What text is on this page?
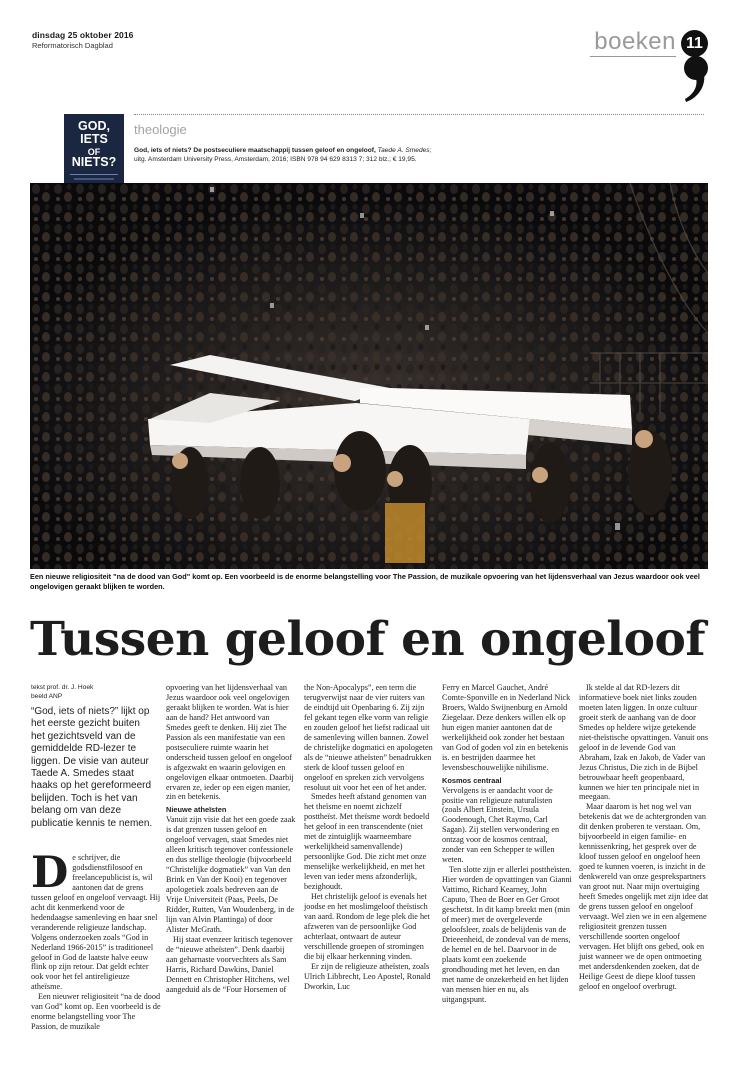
dinsdag 25 oktober 2016
Reformatorisch Dagblad	boeken 11
GOD,
IETS
OF
NIETS?
theologie
God, iets of niets? De postseculiere maatschappij tussen geloof en ongeloof, Taede A. Smedes;
uitg. Amsterdam University Press, Amsterdam, 2016; ISBN 978 94 629 8313 7; 312 blz.; € 19,95.
Een nieuwe religiositeit "na de dood van God" komt op. Een voorbeeld is de enorme belangstelling voor The Passion, de muzikale opvoering van het lijdensverhaal van Jezus waardoor ook veel ongelovigen geraakt blijken te worden.
Tussen geloof en ongeloof
tekst prof. dr. J. Hoek
beeld ANP
“God, iets of niets?” lijkt op het eerste gezicht buiten het gezichtsveld van de gemiddelde RD-lezer te liggen. De visie van auteur Taede A. Smedes staat haaks op het gereformeerd belijden. Toch is het van belang om van deze publicatie kennis te nemen.

De schrijver, die godsdienstfilosoof en freelancepublicist is, wil aantonen dat de grens tussen geloof en ongeloof vervaagt. Hij acht dit kenmerkend voor de hedendaagse samenleving en haar snel veranderende religieuze landschap. Volgens onderzoeken zoals “God in Nederland 1966-2015” is traditioneel geloof in God de laatste halve eeuw flink op zijn retour. Dat geldt echter ook voor het fel antireligieuze atheïsme.

Een nieuwer religiositeit “na de dood van God” komt op. Een voorbeeld is de enorme belangstelling voor The Passion, de muzikale

opvoering van het lijdensverhaal van Jezus waardoor ook veel ongelovigen geraakt blijken te worden. Wat is hier aan de hand? Het antwoord van Smedes geeft te denken. Hij ziet The Passion als een manifestatie van een postseculiere ruimte waarin het onderscheid tussen geloof en ongeloof is afgezwakt en waarin gelovigen en ongelovigen elkaar ontmoeten. Daarbij ervaren ze, ieder op een eigen manier, zin en betekenis.

Nieuwe atheïsten

Vanuit zijn visie dat het een goede zaak is dat grenzen tussen geloof en ongeloof vervagen, staat Smedes niet alleen kritisch tegenover confessionele en dus stellige theologie (bijvoorbeeld “Christelijke dogmatiek” van Van den Brink en Van der Kooi) en tegenover apologetiek zoals bedreven aan de Vrije Universiteit (Paas, Peels, De Ridder, Rutten, Van Woudenberg, in de lijn van Alvin Plantinga) of door Alister McGrath.

Hij staat evenzeer kritisch tegenover de “nieuwe atheïsten”. Denk daarbij aan geharnaste voorvechters als Sam Harris, Richard Dawkins, Daniel Dennett en Christopher Hitchens, wel aangeduid als de “Four Horsemen of

the Non-Apocalyps”, een term die terugverwijst naar de vier ruiters van de eindtijd uit Openbaring 6. Zij zijn fel gekant tegen elke vorm van religie en zouden geloof het liefst radicaal uit de samenleving willen bannen. Zowel de christelijke dogmatici en apologeten als de “nieuwe atheïsten” benadrukken sterk de kloof tussen geloof en ongeloof en spreken zich vervolgens resoluut uit voor het een of het ander.

Smedes heeft afstand genomen van het theïsme en noemt zichzelf posttheïst. Met theïsme wordt bedoeld het geloof in een transcendente (niet met de zintuiglijk waarneembare werkelijkheid samenvallende) persoonlijke God. Die zicht met onze menselijke werkelijkheid, en met het leven van ieder mens afzonderlijk, bezighoudt.

Het christelijk geloof is evenals het joodse en het moslimgeloof theïstisch van aard. Rondom de lege plek die het afzweren van de persoonlijke God achterlaat, ontwaart de auteur verschillende groepen of stromingen die bij elkaar herkenning vinden.

Er zijn de religieuze atheïsten, zoals Ulrich Libbrecht, Leo Apostel, Ronald Dworkin, Luc

Ferry en Marcel Gauchet, André Comte-Sponville en in Nederland Nick Broers, Waldo Swijnenburg en Arnold Ziegelaar. Deze denkers willen elk op hun eigen manier aantonen dat de werkelijkheid ook zonder het bestaan van God of goden vol zin en betekenis is. en bestrijden daarmee het levensbeschouwelijke nihilisme.

Kosmos centraal

Vervolgens is er aandacht voor de positie van religieuze naturalisten (zoals Albert Einstein, Ursula Goodenough, Chet Raymo, Carl Sagan). Zij stellen verwondering en ontzag voor de kosmos centraal, zonder van een Schepper te willen weten.

Ten slotte zijn er allerlei posttheïsten. Hier worden de opvattingen van Gianni Vattimo, Richard Kearney, John Caputo, Theo de Boer en Ger Groot geschetst. In dit kamp breekt men (min of meer) met de overgeleverde geloofsleer, zoals de belijdenis van de Drieeenheid, de zondeval van de mens, de hemel en de hel. Daarvoor in de plaats komt een zoekende grondhouding met het leven, en dan met name de onzekerheid en het lijden van mensen hier en nu, als uitgangspunt.

Ik stelde al dat RD-lezers dit informatieve boek niet links zouden moeten laten liggen. In onze cultuur groeit sterk de aanhang van de door Smedes op heldere wijze getekende niet-theïstische opvattingen. Vanuit ons geloof in de levende God van Abraham, Izak en Jakob, de Vader van Jezus Christus, Die zich in de Bijbel betrouwbaar heeft geopenbaard, kunnen we hier ten principale niet in meegaan.

Maar daarom is het nog wel van betekenis dat we de achtergronden van dit denken proberen te verstaan. Om, bijvoorbeeld in eigen familie- en kennissenkring, het gesprek over de kloof tussen geloof en ongeloof heen goed te kunnen voeren, is inzicht in de denkwereld van onze gesprekspartners van groot nut. Naar mijn overtuiging heeft Smedes ongelijk met zijn idee dat de grens tussen geloof en ongeloof vervaagt. Wel zien we in een algemene religiositeit grenzen tussen verschillende soorten ongeloof vervagen. Het blijft ons gebed, ook en juist wanneer we de open ontmoeting met andersdenkenden zoeken, dat de Heilige Geest de diepe kloof tussen geloof en ongeloof overbrugt.
